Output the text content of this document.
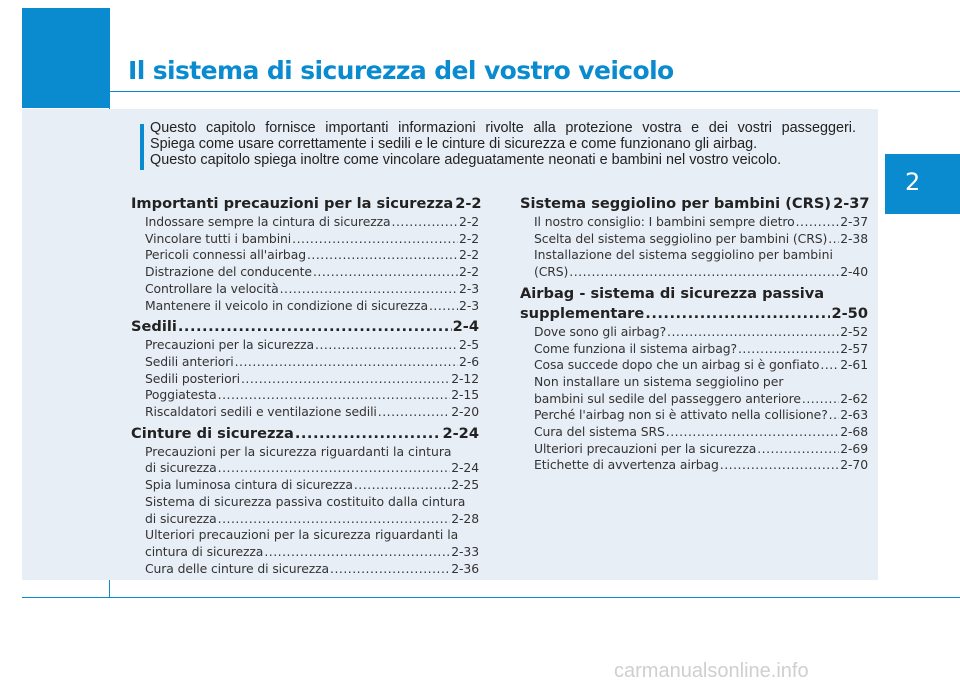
Il sistema di sicurezza del vostro veicolo
2

Questo capitolo fornisce importanti informazioni rivolte alla protezione vostra e dei vostri passeggeri.

Spiega come usare correttamente i sedili e le cinture di sicurezza e come funzionano gli airbag.

Questo capitolo spiega inoltre come vincolare adeguatamente neonati e bambini nel vostro veicolo.

Importanti precauzioni per la sicurezza 2-2
Indossare sempre la cintura di sicurezza .....	2-2
Vincolare tutti i bambini .....	2-2
Pericoli connessi all'airbag .....	2-2
Distrazione del conducente .....	2-2
Controllare la velocità .....	2-3
Mantenere il veicolo in condizione di sicurezza .....	2-3
Sedili .....	2-4
Precauzioni per la sicurezza .....	2-5
Sedili anteriori .....	2-6
Sedili posteriori .....	2-12
Poggiatesta .....	2-15
Riscaldatori sedili e ventilazione sedili .....	2-20
Cinture di sicurezza .....	2-24
Precauzioni per la sicurezza riguardanti la cintura
di sicurezza .....	2-24
Spia luminosa cintura di sicurezza .....	2-25
Sistema di sicurezza passiva costituito dalla cintura
di sicurezza .....	2-28
Ulteriori precauzioni per la sicurezza riguardanti la
cintura di sicurezza .....	2-33
Cura delle cinture di sicurezza .....	2-36
Sistema seggiolino per bambini (CRS) 2-37
Il nostro consiglio: I bambini sempre dietro .....	2-37
Scelta del sistema seggiolino per bambini (CRS) ..... 2-38
Installazione del sistema seggiolino per bambini
(CRS) .....	2-40
Airbag - sistema di sicurezza passiva
supplementare .....	2-50
Dove sono gli airbag? .....	2-52
Come funziona il sistema airbag? .....	2-57
Cosa succede dopo che un airbag si è gonfiato ..... 2-61
Non installare un sistema seggiolino per
bambini sul sedile del passeggero anteriore .....	2-62
Perché l'airbag non si è attivato nella collisione? ..... 2-63
Cura del sistema SRS .....	2-68
Ulteriori precauzioni per la sicurezza .....	2-69
Etichette di avvertenza airbag .....	2-70
carmanualsonline.info
